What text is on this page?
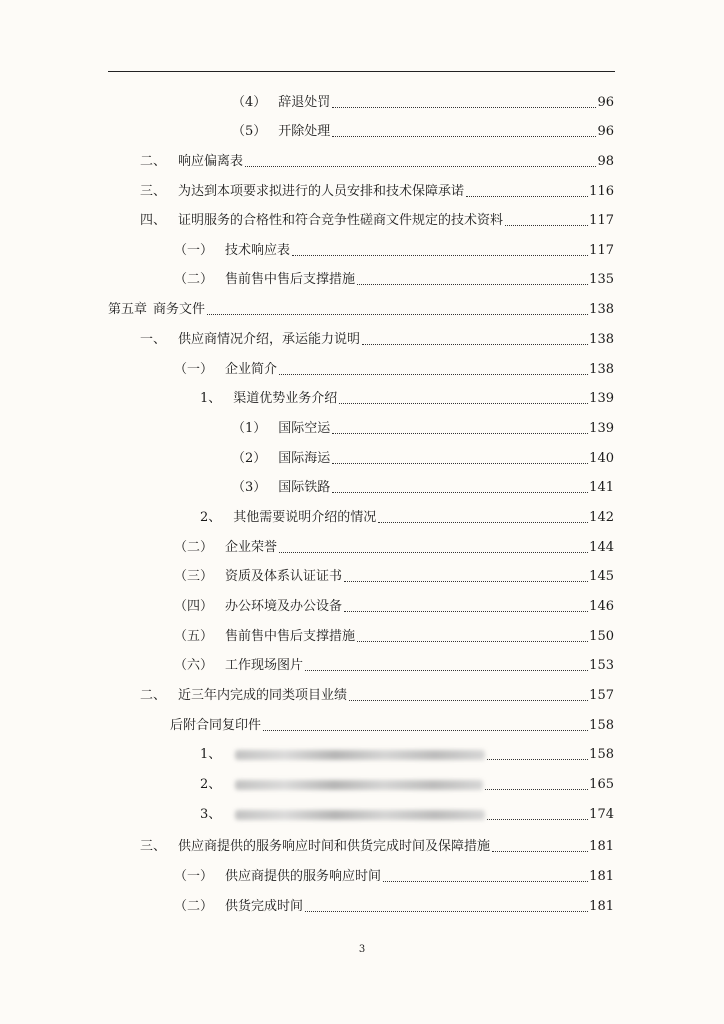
（4） 辞退处罚	96
（5） 开除处理	96
二、 响应偏离表	98
三、 为达到本项要求拟进行的人员安排和技术保障承诺	116
四、 证明服务的合格性和符合竞争性磋商文件规定的技术资料	117
（一） 技术响应表	117
（二） 售前售中售后支撑措施	135
第五章 商务文件	138
一、 供应商情况介绍，承运能力说明	138
（一） 企业简介	138
1、 渠道优势业务介绍	139
（1） 国际空运	139
（2） 国际海运	140
（3） 国际铁路	141
2、 其他需要说明介绍的情况	142
（二） 企业荣誉	144
（三） 资质及体系认证证书	145
（四） 办公环境及办公设备	146
（五） 售前售中售后支撑措施	150
（六） 工作现场图片	153
二、 近三年内完成的同类项目业绩	157
后附合同复印件	158
1、	158
2、	165
3、	174
三、 供应商提供的服务响应时间和供货完成时间及保障措施	181
（一） 供应商提供的服务响应时间	181
（二） 供货完成时间	181
3
